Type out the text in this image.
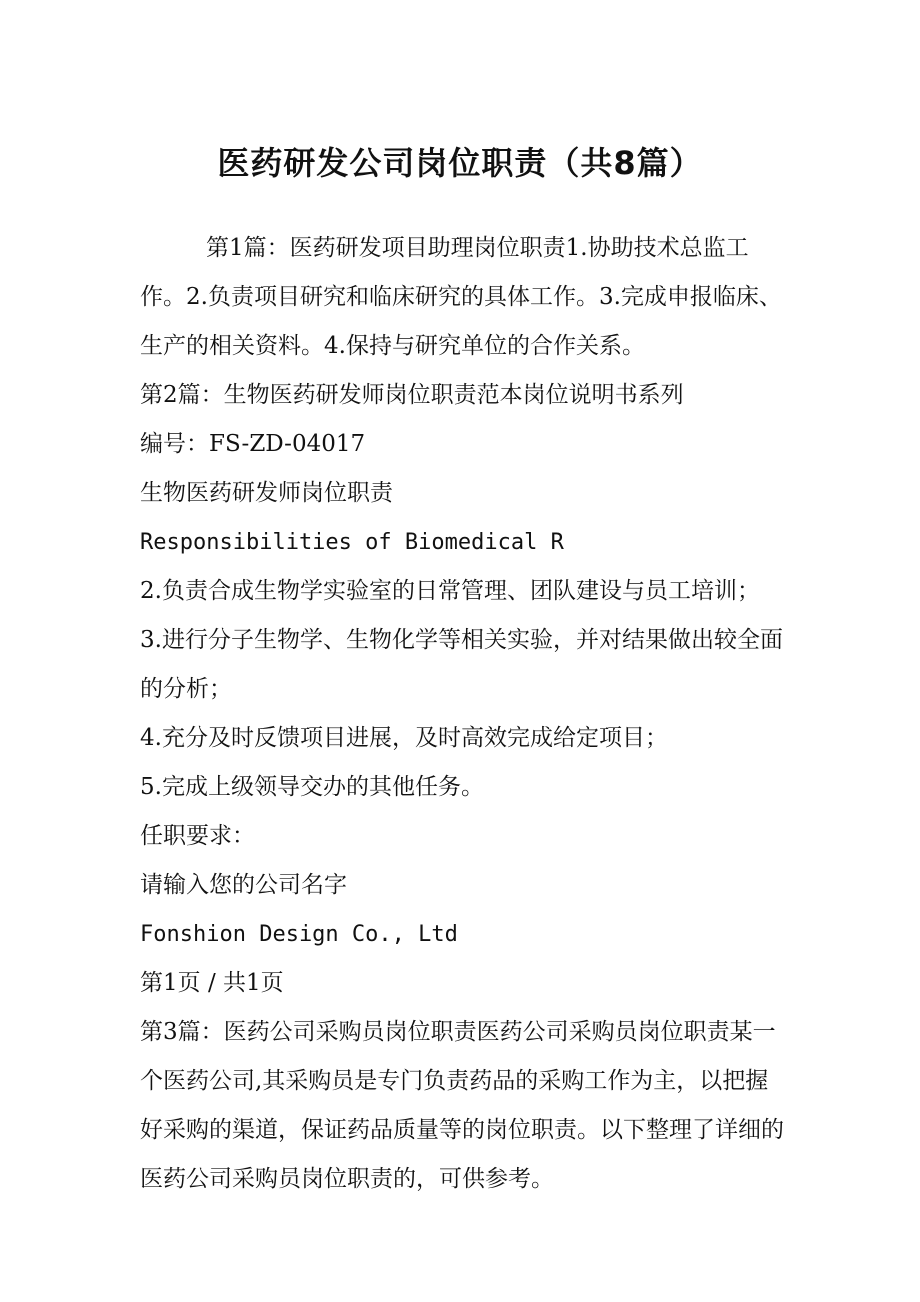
医药研发公司岗位职责（共8篇）

第1篇：医药研发项目助理岗位职责1.协助技术总监工作。2.负责项目研究和临床研究的具体工作。3.完成申报临床、生产的相关资料。4.保持与研究单位的合作关系。

第2篇：生物医药研发师岗位职责范本岗位说明书系列

编号：FS-ZD-04017

生物医药研发师岗位职责

Responsibilities of Biomedical R

2.负责合成生物学实验室的日常管理、团队建设与员工培训；

3.进行分子生物学、生物化学等相关实验，并对结果做出较全面的分析；

4.充分及时反馈项目进展，及时高效完成给定项目；

5.完成上级领导交办的其他任务。

任职要求：

请输入您的公司名字

Fonshion Design Co., Ltd

第1页 / 共1页

第3篇：医药公司采购员岗位职责医药公司采购员岗位职责某一个医药公司,其采购员是专门负责药品的采购工作为主，以把握好采购的渠道，保证药品质量等的岗位职责。以下整理了详细的医药公司采购员岗位职责的，可供参考。
